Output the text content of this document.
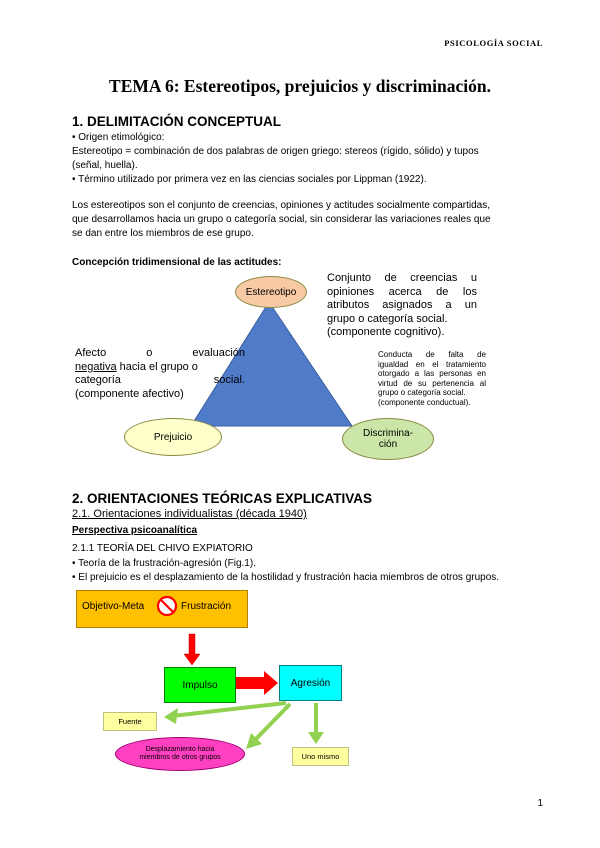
PSICOLOGÍA SOCIAL
TEMA 6: Estereotipos, prejuicios y discriminación.
1. DELIMITACIÓN CONCEPTUAL
• Origen etimológico:
Estereotipo = combinación de dos palabras de origen griego: stereos (rígido, sólido) y tupos
(señal, huella).
• Término utilizado por primera vez en las ciencias sociales por Lippman (1922).
Los estereotipos son el conjunto de creencias, opiniones y actitudes socialmente compartidas,
que desarrollamos hacia un grupo o categoría social, sin considerar las variaciones reales que
se dan entre los miembros de ese grupo.
Concepción tridimensional de las actitudes:
Estereotipo
Prejuicio	Discrimina-ción
Conjunto de creencias u
opiniones acerca de los
atributos asignados a un
grupo o categoría social.
(componente cognitivo).
Afecto o evaluación
negativa hacia el grupo o
categoría social.
(componente afectivo)
Conducta de falta de
igualdad en el tratamiento
otorgado a las personas en
virtud de su pertenencia al
grupo o categoría social.
(componente conductual).
2. ORIENTACIONES TEÓRICAS EXPLICATIVAS
2.1. Orientaciones individualistas (década 1940)
Perspectiva psicoanalítica
2.1.1 TEORÍA DEL CHIVO EXPIATORIO
• Teoría de la frustración-agresión (Fig.1).
• El prejuicio es el desplazamiento de la hostilidad y frustración hacia miembros de otros grupos.
Objetivo-Meta	Frustración
Impulso	Agresión
Fuente
Desplazamiento hacia miembros de otros grupos	Uno mismo
1
